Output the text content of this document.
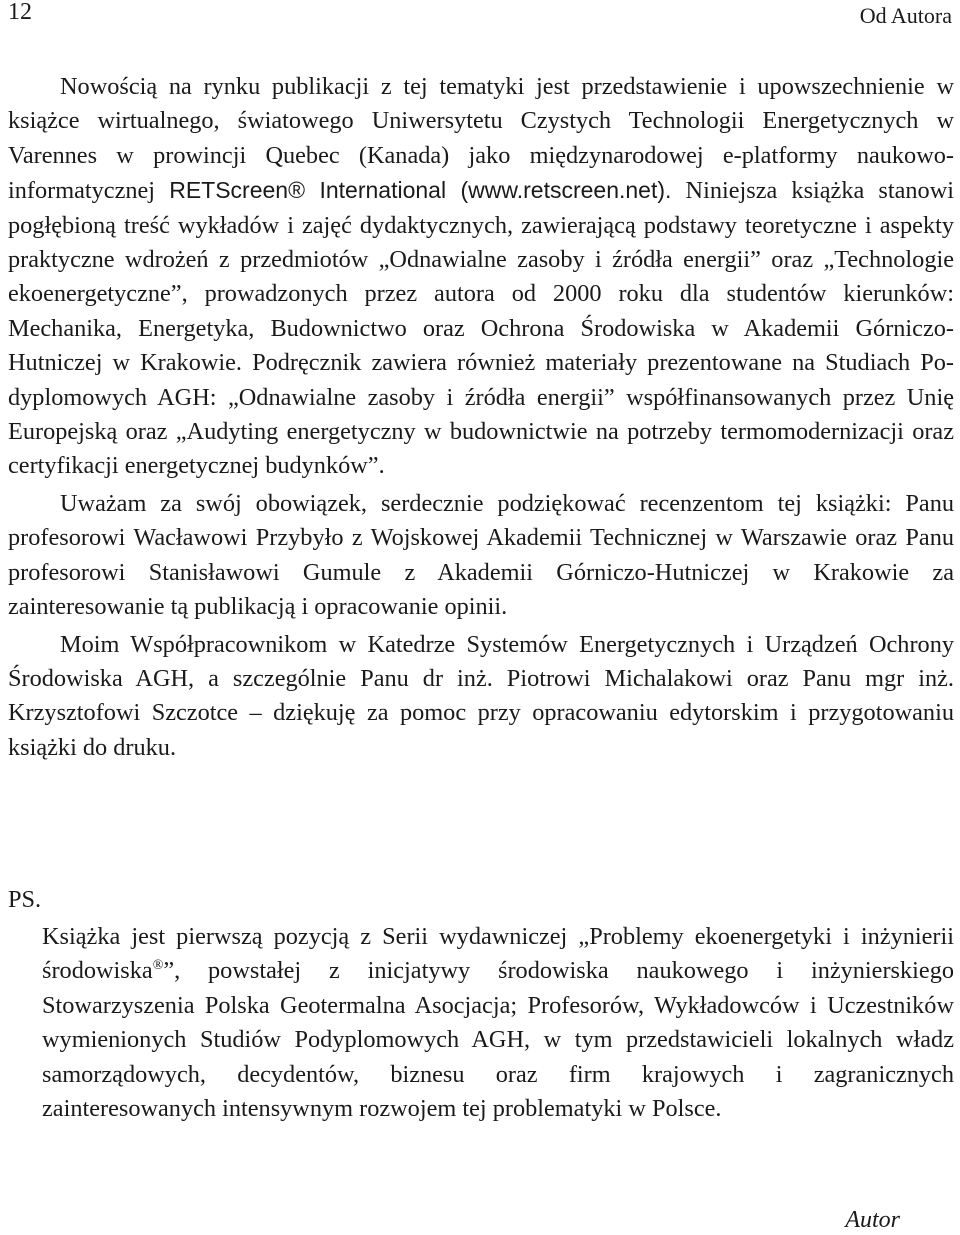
12	Od Autora

Nowością na rynku publikacji z tej tematyki jest przedstawienie i upowszechnienie w książce wirtualnego, światowego Uniwersytetu Czystych Technologii Energetycznych w Varennes w prowincji Quebec (Kanada) jako międzynarodowej e-platformy naukowo-informatycznej RETScreen® International (www.retscreen.net). Niniejsza książka stanowi pogłębioną treść wykładów i zajęć dydaktycznych, zawierającą podstawy teoretyczne i aspekty praktyczne wdrożeń z przedmiotów „Odnawialne zasoby i źródła energii” oraz „Technologie ekoenergetyczne”, prowadzonych przez autora od 2000 roku dla studentów kierunków: Mechanika, Energetyka, Budownictwo oraz Ochrona Środowiska w Akademii Górniczo-Hutniczej w Krakowie. Podręcznik zawiera również materiały prezentowane na Studiach Podyplomowych AGH: „Odnawialne zasoby i źródła energii” współfinansowanych przez Unię Europejską oraz „Audyting energetyczny w budownictwie na potrzeby termomodernizacji oraz certyfikacji energetycznej budynków”.

Uważam za swój obowiązek, serdecznie podziękować recenzentom tej książki: Panu profesorowi Wacławowi Przybyło z Wojskowej Akademii Technicznej w Warszawie oraz Panu profesorowi Stanisławowi Gumule z Akademii Górniczo-Hutniczej w Krakowie za zainteresowanie tą publikacją i opracowanie opinii.

Moim Współpracownikom w Katedrze Systemów Energetycznych i Urządzeń Ochrony Środowiska AGH, a szczególnie Panu dr inż. Piotrowi Michalakowi oraz Panu mgr inż. Krzysztofowi Szczotce – dziękuję za pomoc przy opracowaniu edytorskim i przygotowaniu książki do druku.

PS.

Książka jest pierwszą pozycją z Serii wydawniczej „Problemy ekoenergetyki i inżynierii środowiska®”, powstałej z inicjatywy środowiska naukowego i inżynierskiego Stowarzyszenia Polska Geotermalna Asocjacja; Profesorów, Wykładowców i Uczestników wymienionych Studiów Podyplomowych AGH, w tym przedstawicieli lokalnych władz samorządowych, decydentów, biznesu oraz firm krajowych i zagranicznych zainteresowanych intensywnym rozwojem tej problematyki w Polsce.

Autor
